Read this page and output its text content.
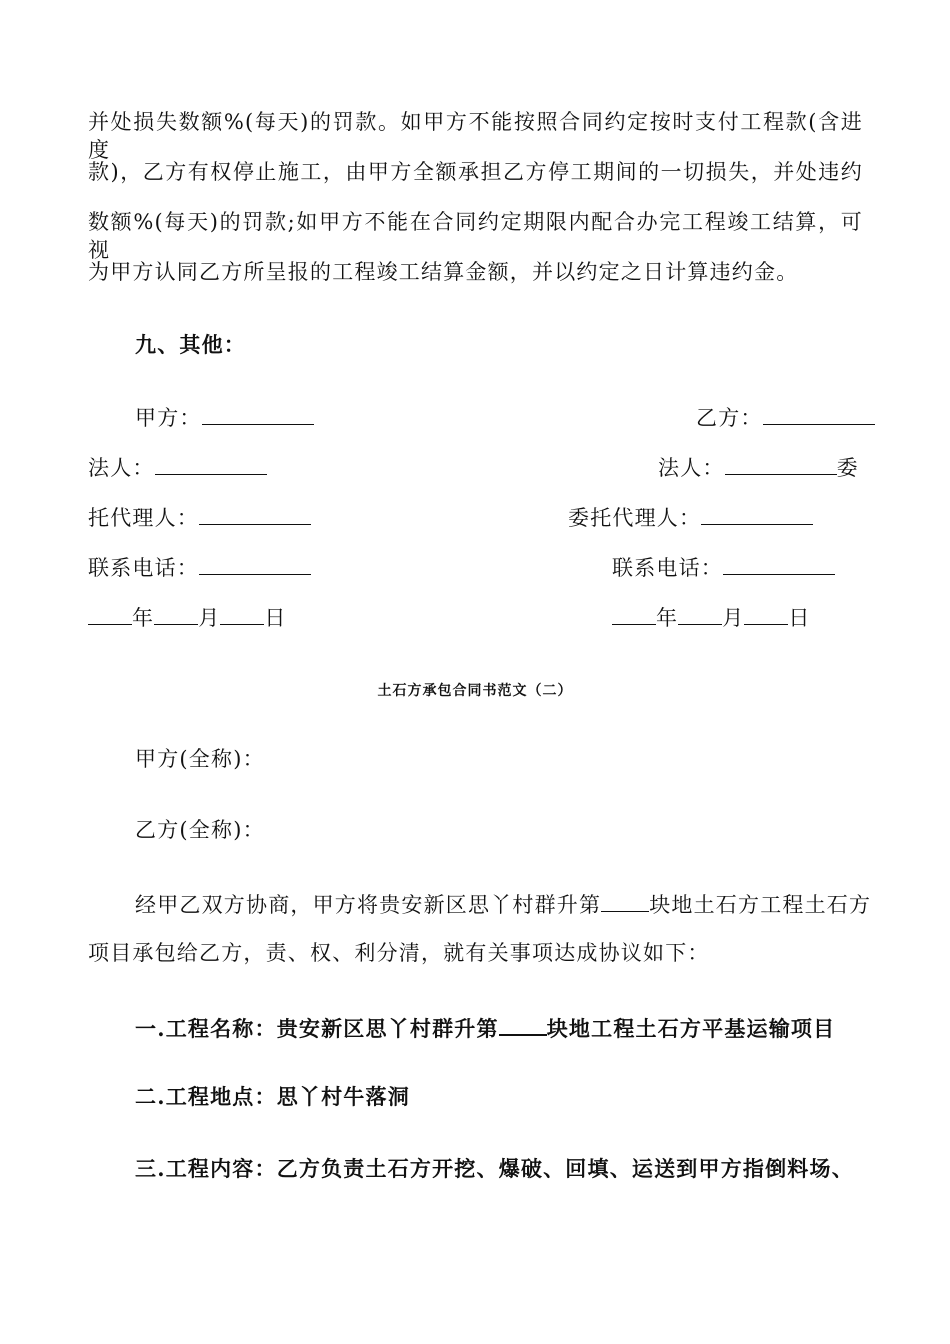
并处损失数额%(每天)的罚款。如甲方不能按照合同约定按时支付工程款(含进度
款)，乙方有权停止施工，由甲方全额承担乙方停工期间的一切损失，并处违约
数额%(每天)的罚款;如甲方不能在合同约定期限内配合办完工程竣工结算，可视
为甲方认同乙方所呈报的工程竣工结算金额，并以约定之日计算违约金。
九、其他：
甲方：	乙方：
法人：	法人：	委
托代理人：	委托代理人：
联系电话：	联系电话：
年 月 日	年 月 日
土石方承包合同书范文（二）
甲方(全称)：
乙方(全称)：
经甲乙双方协商，甲方将贵安新区思丫村群升第 块地土石方工程土石方
项目承包给乙方，责、权、利分清，就有关事项达成协议如下：
一.工程名称：贵安新区思丫村群升第 块地工程土石方平基运输项目
二.工程地点：思丫村牛落洞
三.工程内容：乙方负责土石方开挖、爆破、回填、运送到甲方指倒料场、
